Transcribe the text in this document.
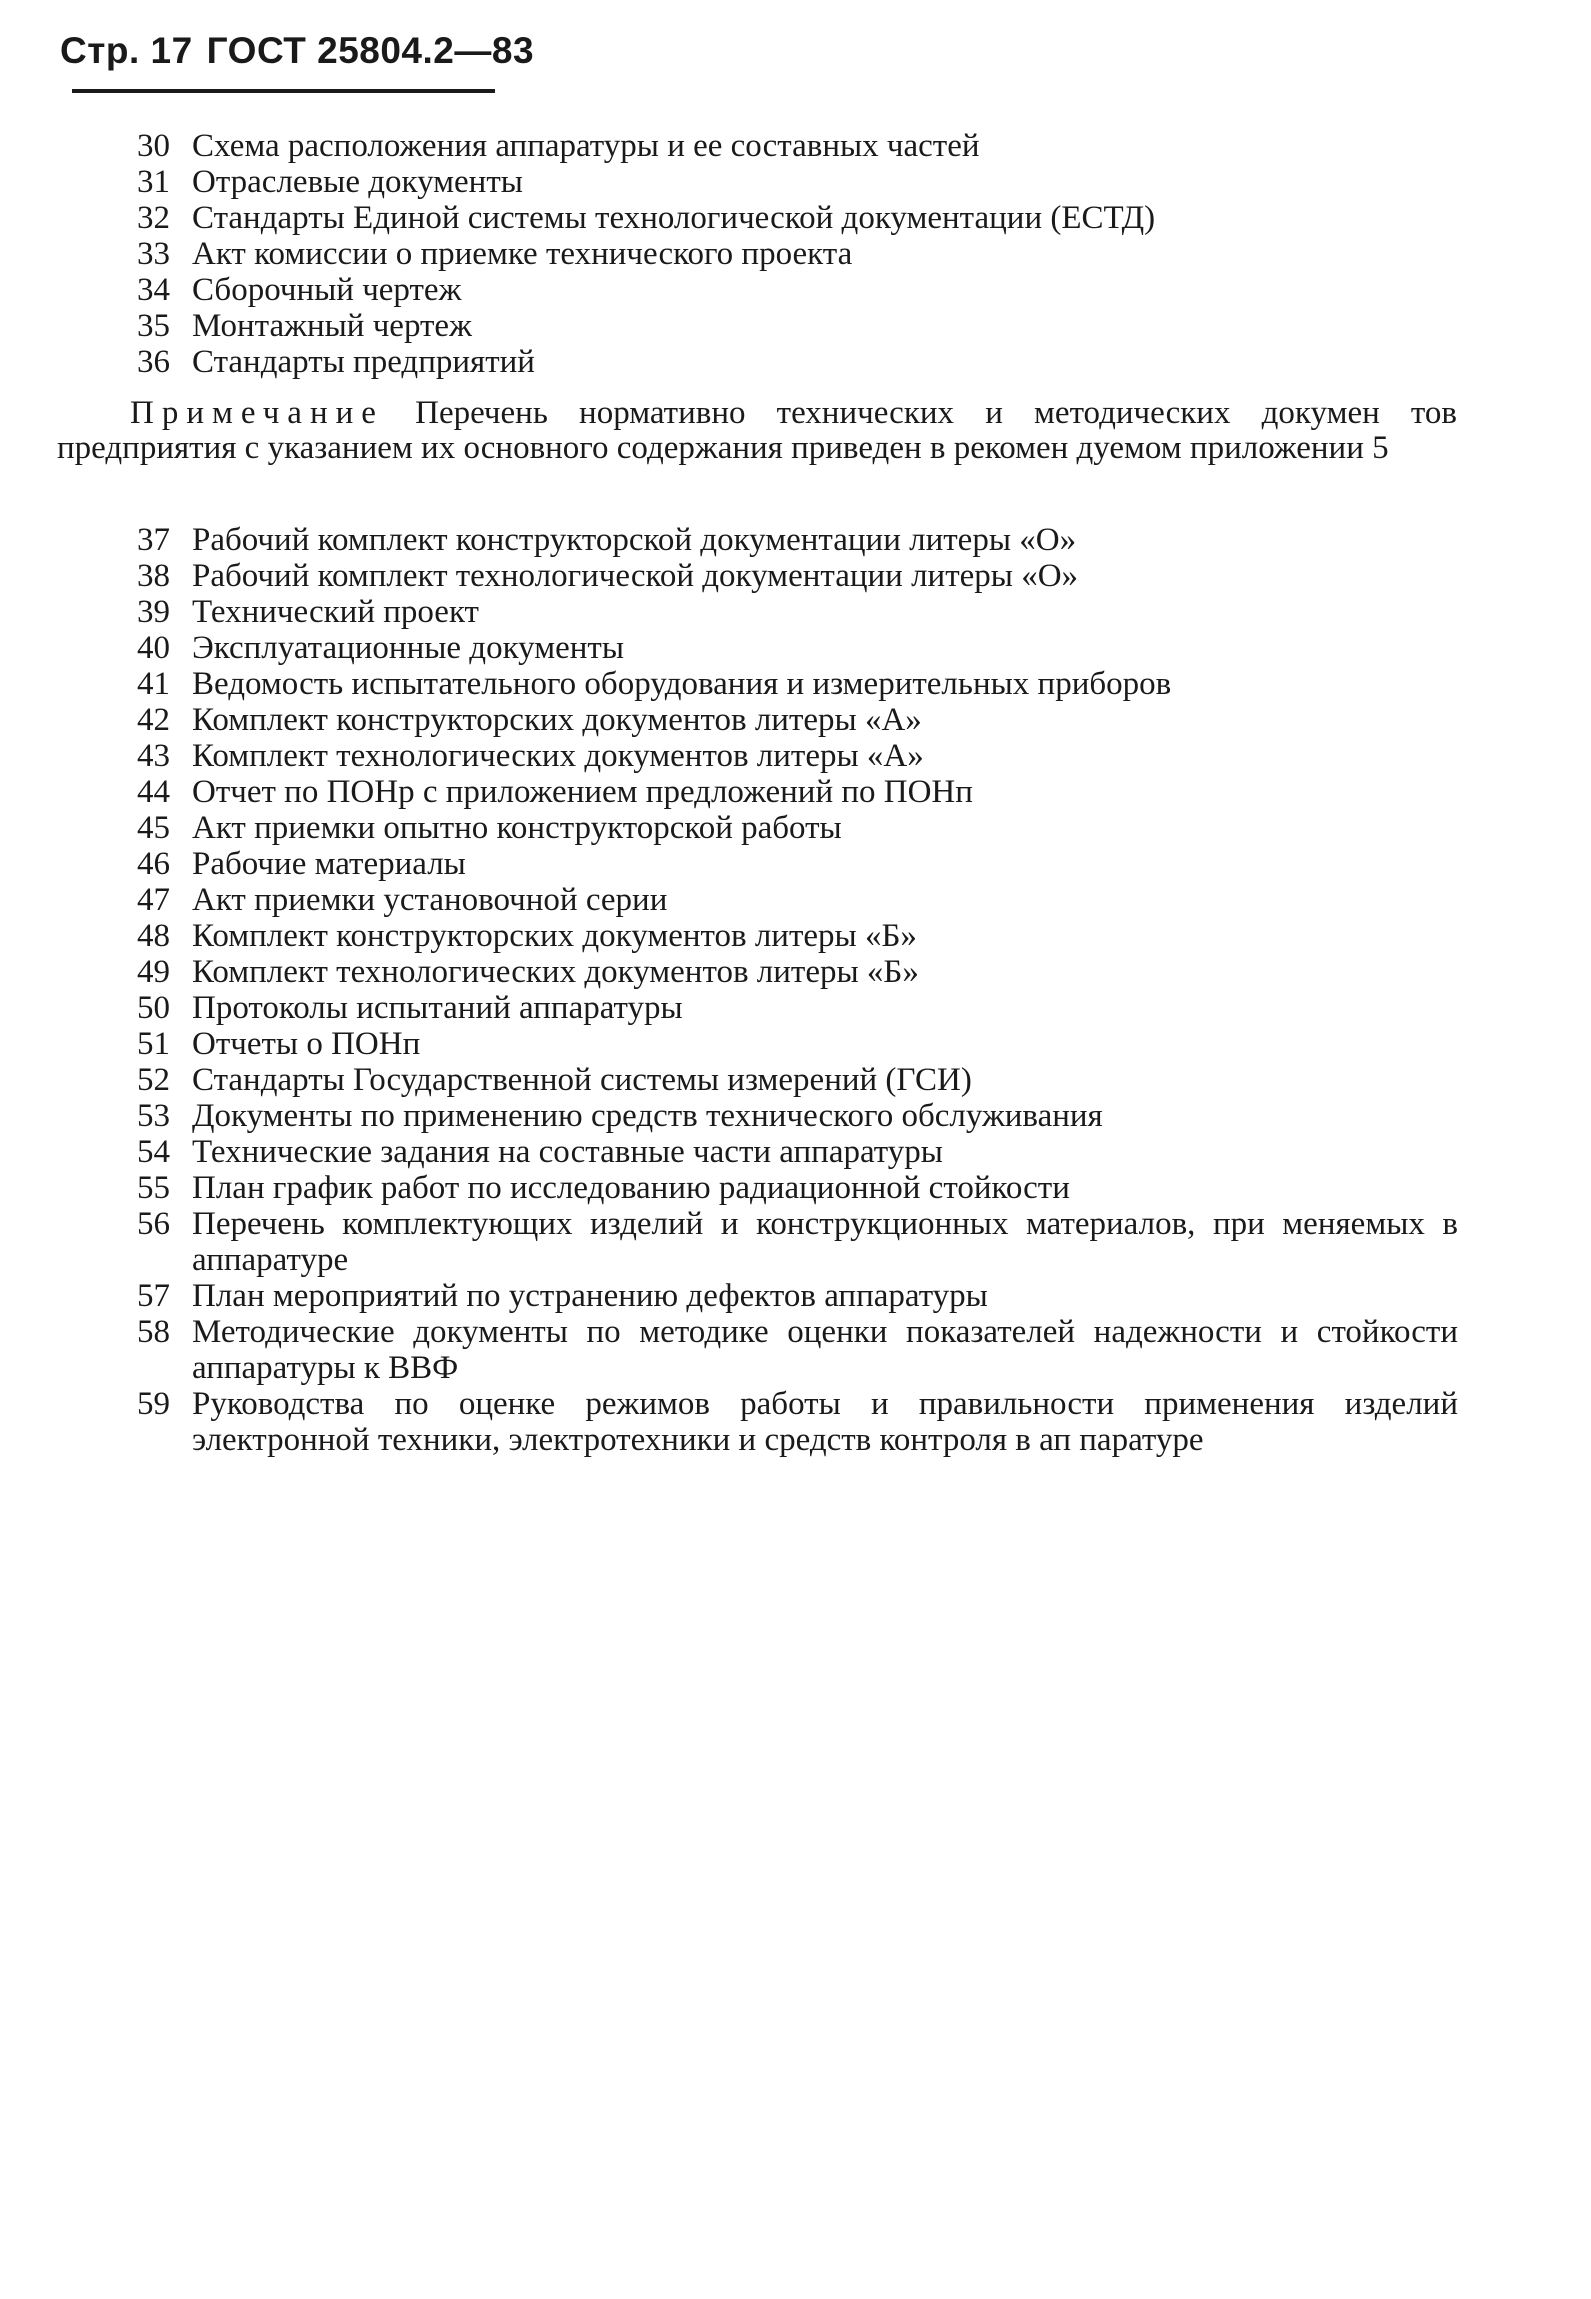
Стр. 17 ГОСТ 25804.2—83
30 Схема расположения аппаратуры и ее составных частей
31 Отраслевые документы
32 Стандарты Единой системы технологической документации (ЕСТД)
33 Акт комиссии о приемке технического проекта
34 Сборочный чертеж
35 Монтажный чертеж
36 Стандарты предприятий
Примечание Перечень нормативно технических и методических докумен тов предприятия с указанием их основного содержания приведен в рекомен дуемом приложении 5
37 Рабочий комплект конструкторской документации литеры «О»
38 Рабочий комплект технологической документации литеры «О»
39 Технический проект
40 Эксплуатационные документы
41 Ведомость испытательного оборудования и измерительных приборов
42 Комплект конструкторских документов литеры «А»
43 Комплект технологических документов литеры «А»
44 Отчет по ПОНр с приложением предложений по ПОНп
45 Акт приемки опытно конструкторской работы
46 Рабочие материалы
47 Акт приемки установочной серии
48 Комплект конструкторских документов литеры «Б»
49 Комплект технологических документов литеры «Б»
50 Протоколы испытаний аппаратуры
51 Отчеты о ПОНп
52 Стандарты Государственной системы измерений (ГСИ)
53 Документы по применению средств технического обслуживания
54 Технические задания на составные части аппаратуры
55 План график работ по исследованию радиационной стойкости
56 Перечень комплектующих изделий и конструкционных материалов, при меняемых в аппаратуре
57 План мероприятий по устранению дефектов аппаратуры
58 Методические документы по методике оценки показателей надежности и стойкости аппаратуры к ВВФ
59 Руководства по оценке режимов работы и правильности применения изделий электронной техники, электротехники и средств контроля в ап паратуре
